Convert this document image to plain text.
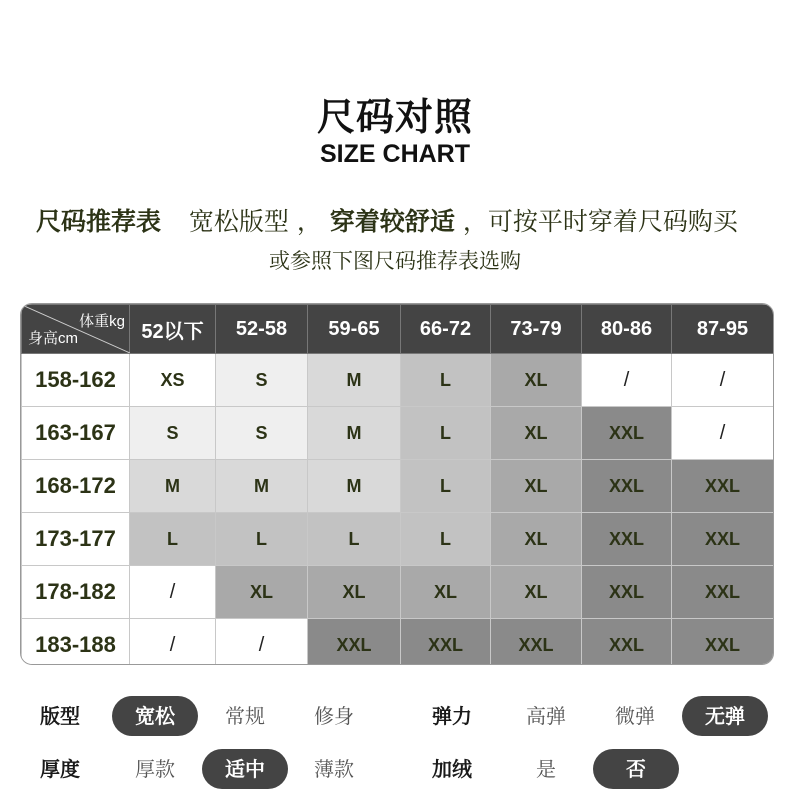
尺码对照
SIZE CHART
尺码推荐表 宽松版型 ， 穿着较舒适 ，可按平时穿着尺码购买
或参照下图尺码推荐表选购
体重kg
身高cm	52以下	52-58	59-65	66-72	73-79	80-86	87-95
158-162	XS	S	M	L	XL	/	/
163-167	S	S	M	L	XL	XXL	/
168-172	M	M	M	L	XL	XXL	XXL
173-177	L	L	L	L	XL	XXL	XXL
178-182	/	XL	XL	XL	XL	XXL	XXL
183-188	/	/	XXL	XXL	XXL	XXL	XXL
版型	宽松	常规	修身	弹力	高弹	微弹	无弹
厚度	厚款	适中	薄款	加绒	是	否
